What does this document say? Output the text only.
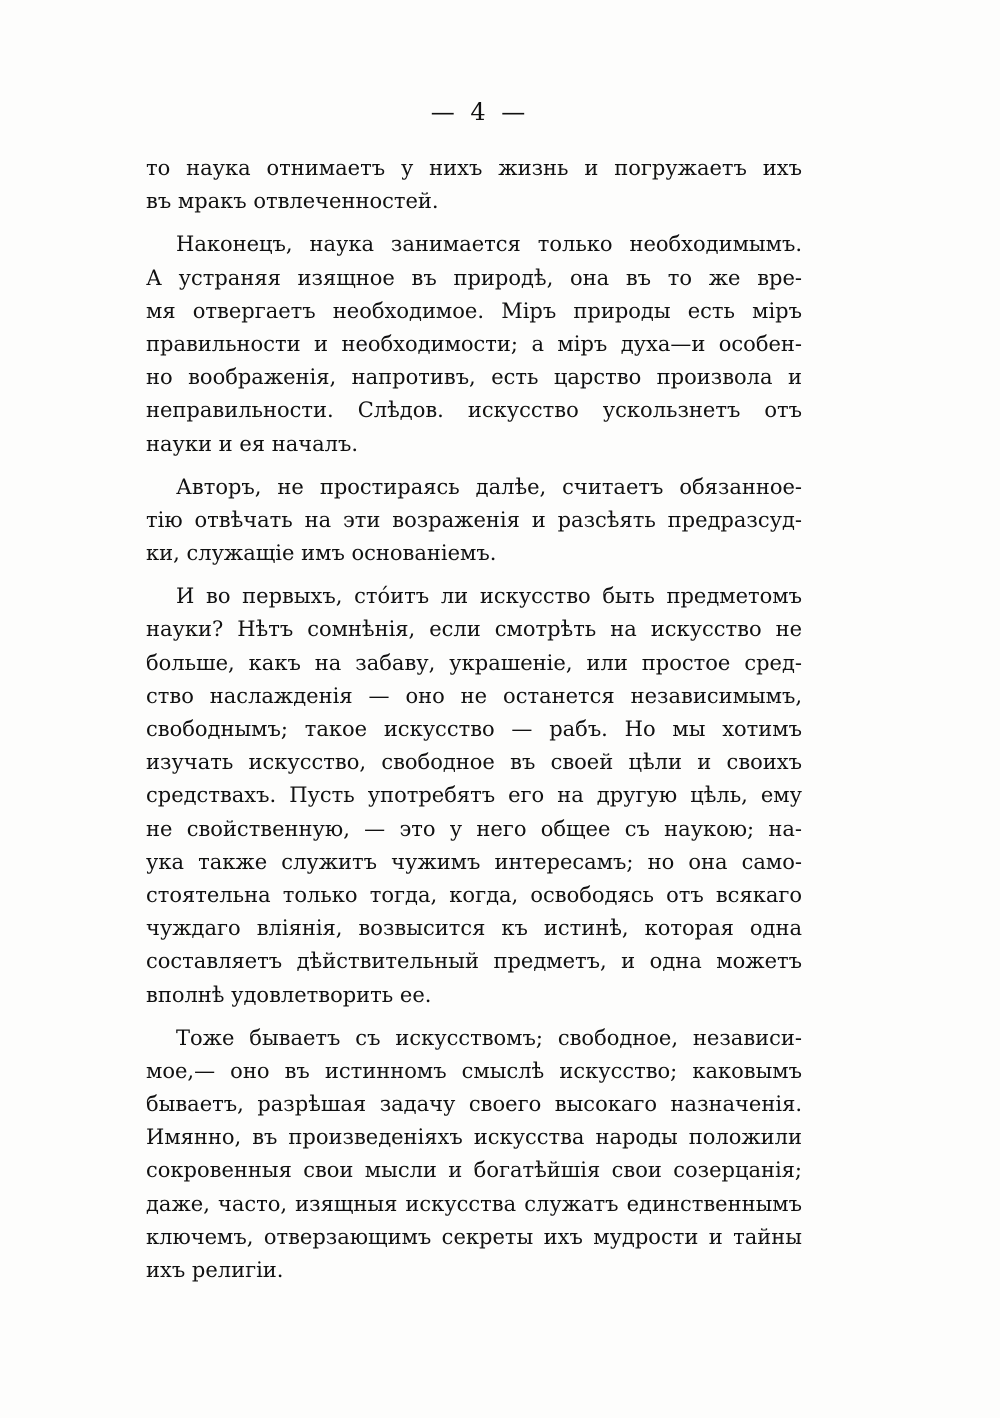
— 4 —
то наука отнимаетъ у нихъ жизнь и погружаетъ ихъ
въ мракъ отвлеченностей.
Наконецъ, наука занимается только необходимымъ.
А устраняя изящное въ природѣ, она въ то же вре-
мя отвергаетъ необходимое. Міръ природы есть міръ
правильности и необходимости; а міръ духа—и особен-
но воображенія, напротивъ, есть царство произвола и
неправильности. Слѣдов. искусство ускользнетъ отъ
науки и ея началъ.
Авторъ, не простираясь далѣе, считаетъ обязанное-
тію отвѣчать на эти возраженія и разсѣять предразсуд-
ки, служащіе имъ основаніемъ.
И во первыхъ, стóитъ ли искусство быть предметомъ
науки? Нѣтъ сомнѣнія, если смотрѣть на искусство не
больше, какъ на забаву, украшеніе, или простое сред-
ство наслажденія — оно не останется независимымъ,
свободнымъ; такое искусство — рабъ. Но мы хотимъ
изучать искусство, свободное въ своей цѣли и своихъ
средствахъ. Пусть употребятъ его на другую цѣль, ему
не свойственную, — это у него общее съ наукою; на-
ука также служитъ чужимъ интересамъ; но она само-
стоятельна только тогда, когда, освободясь отъ всякаго
чуждаго вліянія, возвысится къ истинѣ, которая одна
составляетъ дѣйствительный предметъ, и одна можетъ
вполнѣ удовлетворить ее.
Тоже бываетъ съ искусствомъ; свободное, независи-
мое,— оно въ истинномъ смыслѣ искусство; каковымъ
бываетъ, разрѣшая задачу своего высокаго назначенія.
Имянно, въ произведеніяхъ искусства народы положили
сокровенныя свои мысли и богатѣйшія свои созерцанія;
даже, часто, изящныя искусства служатъ единственнымъ
ключемъ, отверзающимъ секреты ихъ мудрости и тайны
ихъ религіи.
